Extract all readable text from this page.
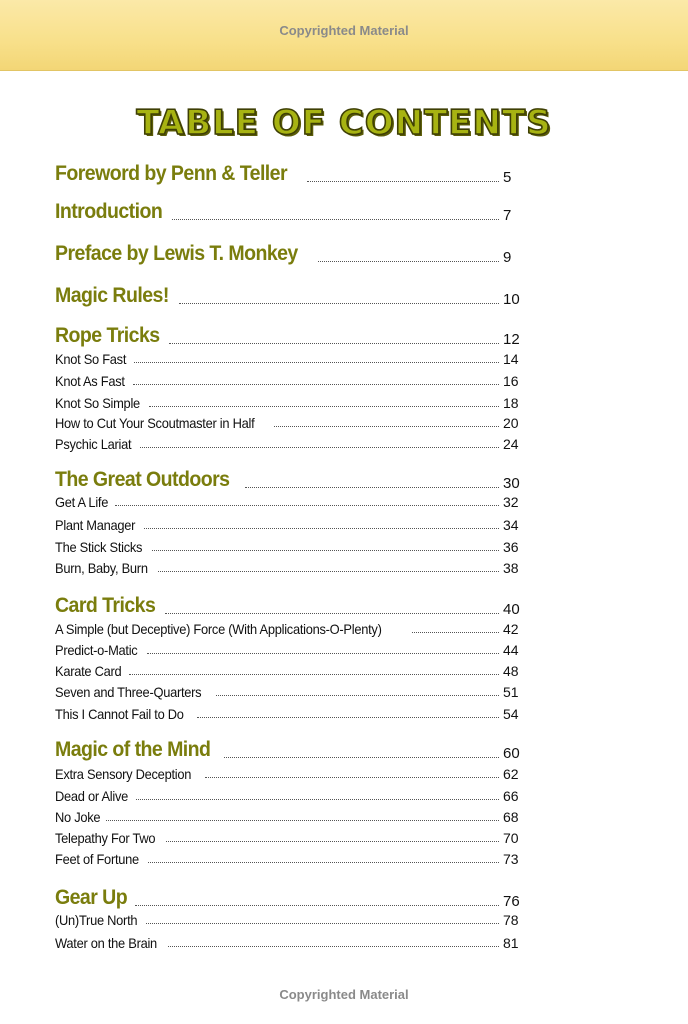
Copyrighted Material
TABLE OF CONTENTS
Foreword by Penn & Teller	5
Introduction	7
Preface by Lewis T. Monkey	9
Magic Rules!	10
Rope Tricks	12
Knot So Fast	14
Knot As Fast	16
Knot So Simple	18
How to Cut Your Scoutmaster in Half	20
Psychic Lariat	24
The Great Outdoors	30
Get A Life	32
Plant Manager	34
The Stick Sticks	36
Burn, Baby, Burn	38
Card Tricks	40
A Simple (but Deceptive) Force (With Applications-O-Plenty)	42
Predict-o-Matic	44
Karate Card	48
Seven and Three-Quarters	51
This I Cannot Fail to Do	54
Magic of the Mind	60
Extra Sensory Deception	62
Dead or Alive	66
No Joke	68
Telepathy For Two	70
Feet of Fortune	73
Gear Up	76
(Un)True North	78
Water on the Brain	81
Copyrighted Material
